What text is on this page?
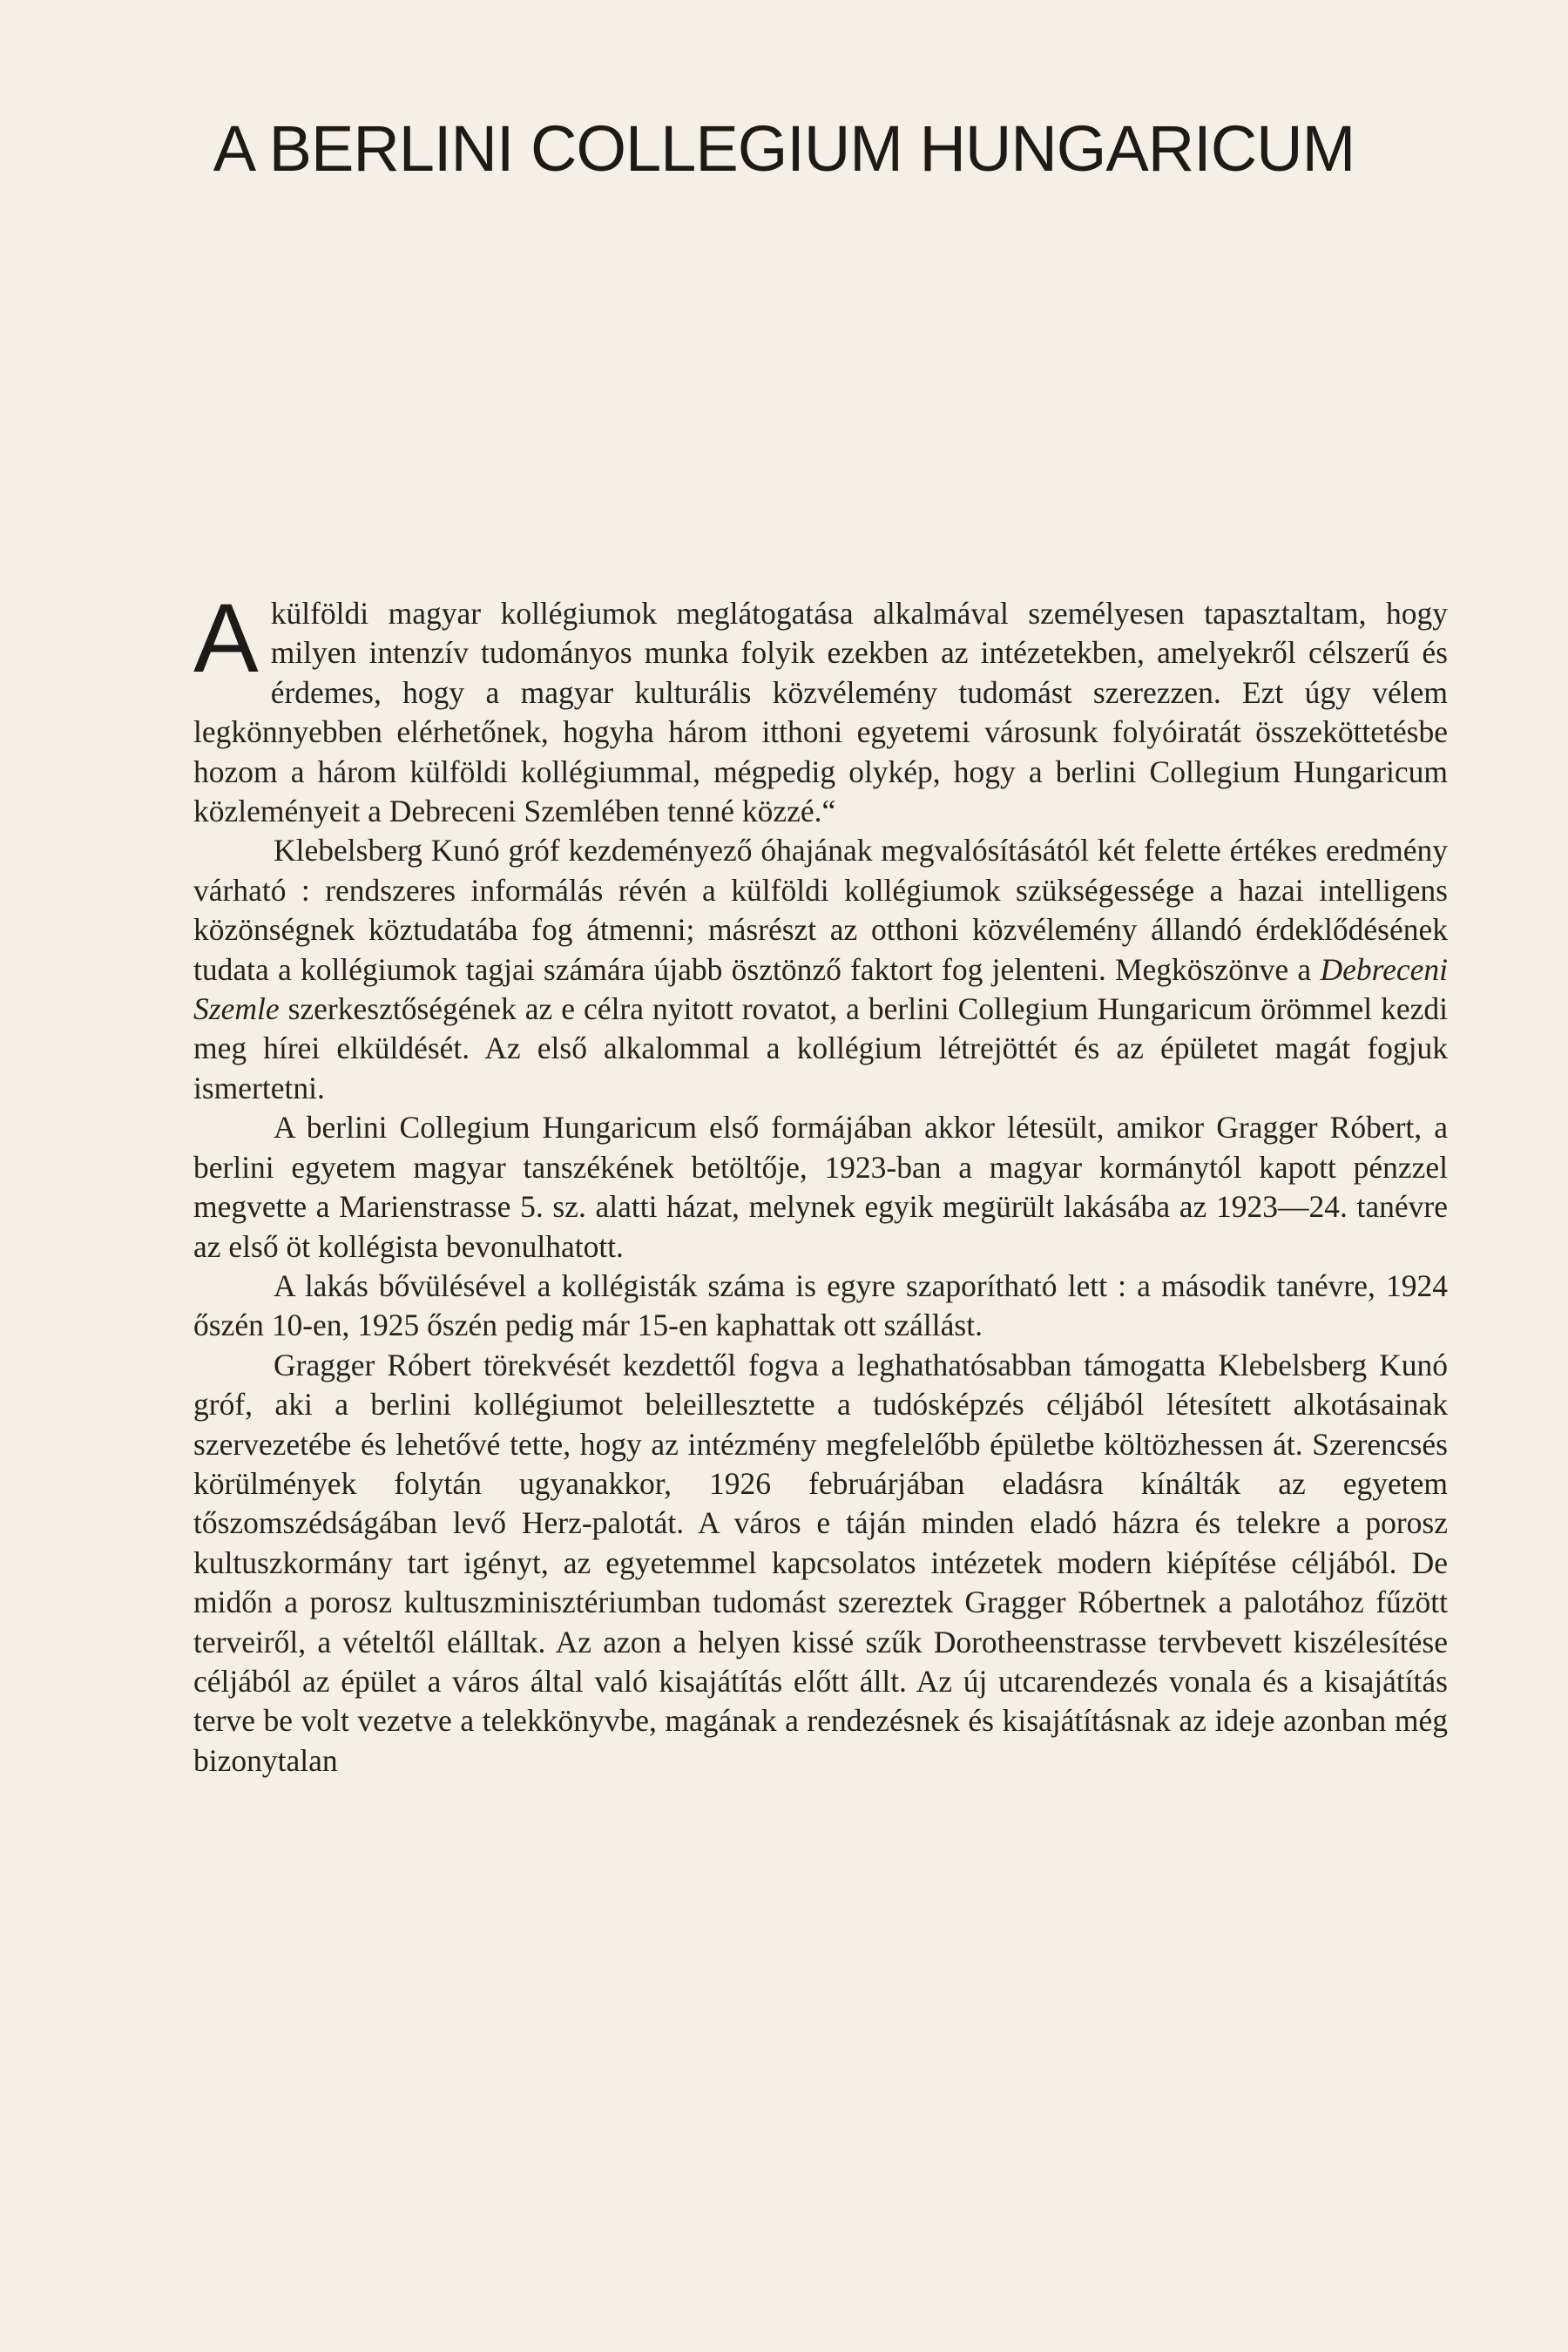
A BERLINI COLLEGIUM HUNGARICUM

Akülföldi magyar kollégiumok meglátogatása alkalmával személyesen tapasztaltam, hogy milyen intenzív tudományos munka folyik ezekben az intézetekben, amelyekről célszerű és érdemes, hogy a magyar kulturális közvélemény tudomást szerezzen. Ezt úgy vélem legkönnyebben elérhetőnek, hogyha három itthoni egyetemi városunk folyóiratát összeköttetésbe hozom a három külföldi kollégiummal, mégpedig olykép, hogy a berlini Collegium Hungaricum közleményeit a Debreceni Szemlében tenné közzé.“

Klebelsberg Kunó gróf kezdeményező óhajának megvalósításától két felette értékes eredmény várható : rendszeres informálás révén a külföldi kollégiumok szükségessége a hazai intelligens közönségnek köztudatába fog átmenni; másrészt az otthoni közvélemény állandó érdeklődésének tudata a kollégiumok tagjai számára újabb ösztönző faktort fog jelenteni. Megköszönve a Debreceni Szemle szerkesztőségének az e célra nyitott rovatot, a berlini Collegium Hungaricum örömmel kezdi meg hírei elküldését. Az első alkalommal a kollégium létrejöttét és az épületet magát fogjuk ismertetni.

A berlini Collegium Hungaricum első formájában akkor létesült, amikor Gragger Róbert, a berlini egyetem magyar tanszékének betöltője, 1923-ban a magyar kormánytól kapott pénzzel megvette a Marienstrasse 5. sz. alatti házat, melynek egyik megürült lakásába az 1923—24. tanévre az első öt kollégista bevonulhatott.

A lakás bővülésével a kollégisták száma is egyre szaporítható lett : a második tanévre, 1924 őszén 10-en, 1925 őszén pedig már 15-en kaphattak ott szállást.

Gragger Róbert törekvését kezdettől fogva a leghathatósabban támogatta Klebelsberg Kunó gróf, aki a berlini kollégiumot beleillesztette a tudósképzés céljából létesített alkotásainak szervezetébe és lehetővé tette, hogy az intézmény megfelelőbb épületbe költözhessen át. Szerencsés körülmények folytán ugyanakkor, 1926 februárjában eladásra kínálták az egyetem tőszomszédságában levő Herz-palotát. A város e táján minden eladó házra és telekre a porosz kultuszkormány tart igényt, az egyetemmel kapcsolatos intézetek modern kiépítése céljából. De midőn a porosz kultuszminisztériumban tudomást szereztek Gragger Róbertnek a palotához fűzött terveiről, a vételtől elálltak. Az azon a helyen kissé szűk Dorotheenstrasse tervbevett kiszélesítése céljából az épület a város által való kisajátítás előtt állt. Az új utcarendezés vonala és a kisajátítás terve be volt vezetve a telekkönyvbe, magának a rendezésnek és kisajátításnak az ideje azonban még bizonytalan
